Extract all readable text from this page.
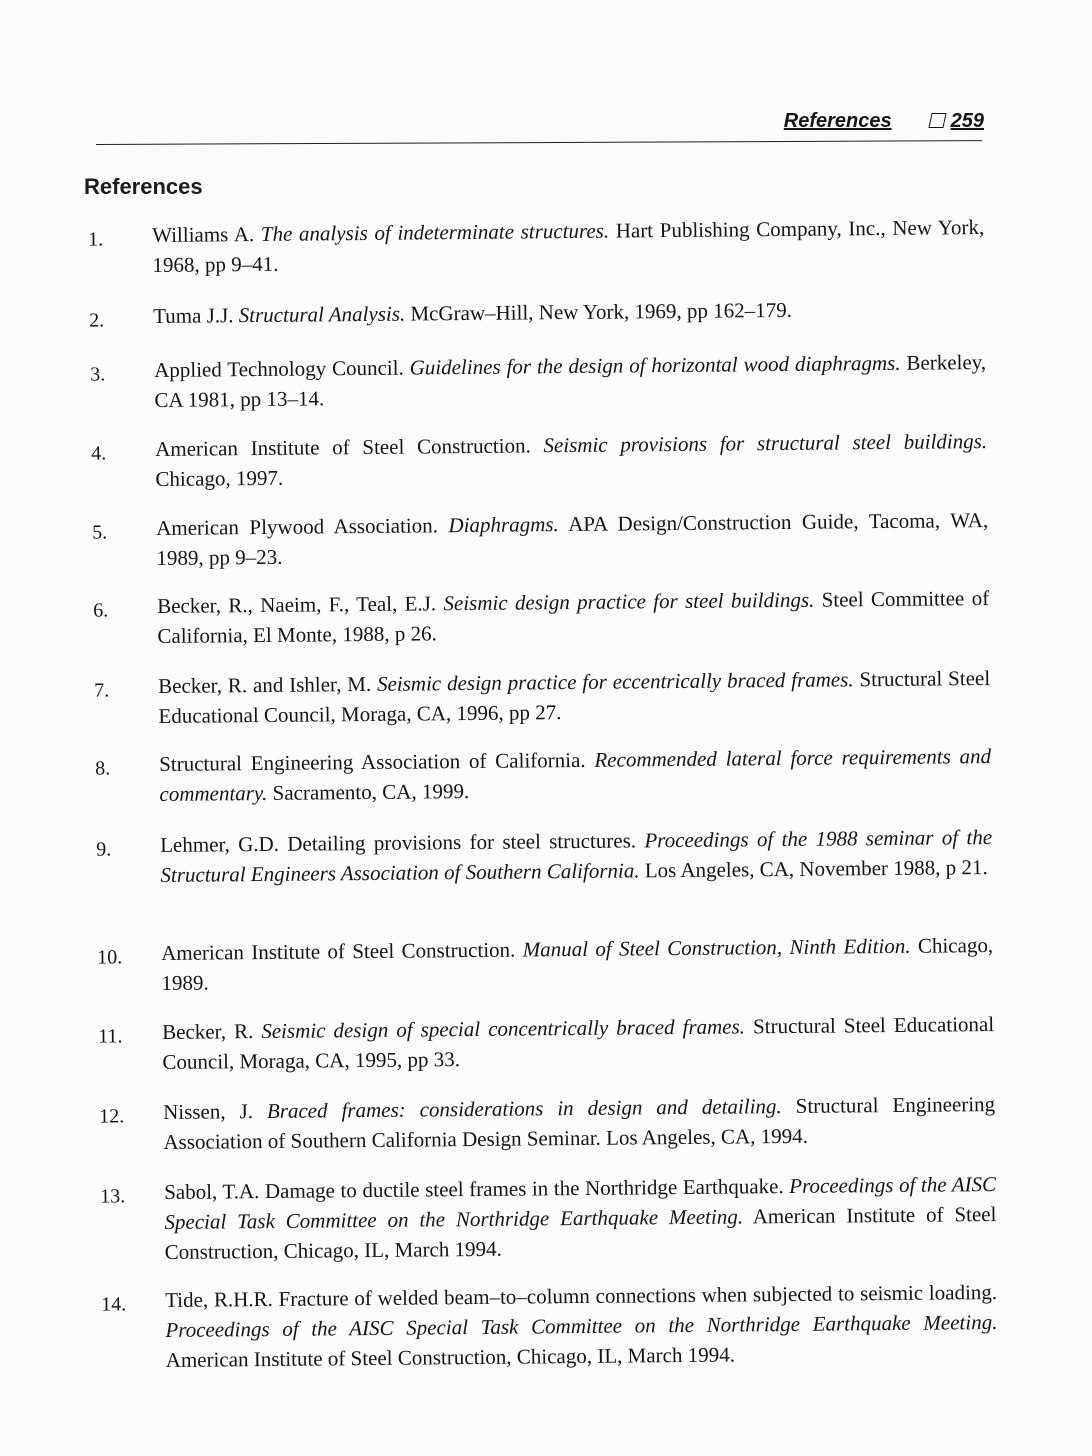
References	259
References
1.	Williams A. The analysis of indeterminate structures. Hart Publishing Company, Inc., New York, 1968, pp 9–41.
2.	Tuma J.J. Structural Analysis. McGraw–Hill, New York, 1969, pp 162–179.
3.	Applied Technology Council. Guidelines for the design of horizontal wood diaphragms. Berkeley, CA 1981, pp 13–14.
4.	American Institute of Steel Construction. Seismic provisions for structural steel buildings. Chicago, 1997.
5.	American Plywood Association. Diaphragms. APA Design/Construction Guide, Tacoma, WA, 1989, pp 9–23.
6.	Becker, R., Naeim, F., Teal, E.J. Seismic design practice for steel buildings. Steel Committee of California, El Monte, 1988, p 26.
7.	Becker, R. and Ishler, M. Seismic design practice for eccentrically braced frames. Structural Steel Educational Council, Moraga, CA, 1996, pp 27.
8.	Structural Engineering Association of California. Recommended lateral force requirements and commentary. Sacramento, CA, 1999.
9.	Lehmer, G.D. Detailing provisions for steel structures. Proceedings of the 1988 seminar of the Structural Engineers Association of Southern California. Los Angeles, CA, November 1988, p 21.
10.	American Institute of Steel Construction. Manual of Steel Construction, Ninth Edition. Chicago, 1989.
11.	Becker, R. Seismic design of special concentrically braced frames. Structural Steel Educational Council, Moraga, CA, 1995, pp 33.
12.	Nissen, J. Braced frames: considerations in design and detailing. Structural Engineering Association of Southern California Design Seminar. Los Angeles, CA, 1994.
13.	Sabol, T.A. Damage to ductile steel frames in the Northridge Earthquake. Proceedings of the AISC Special Task Committee on the Northridge Earthquake Meeting. American Institute of Steel Construction, Chicago, IL, March 1994.
14.	Tide, R.H.R. Fracture of welded beam–to–column connections when subjected to seismic loading. Proceedings of the AISC Special Task Committee on the Northridge Earthquake Meeting. American Institute of Steel Construction, Chicago, IL, March 1994.
